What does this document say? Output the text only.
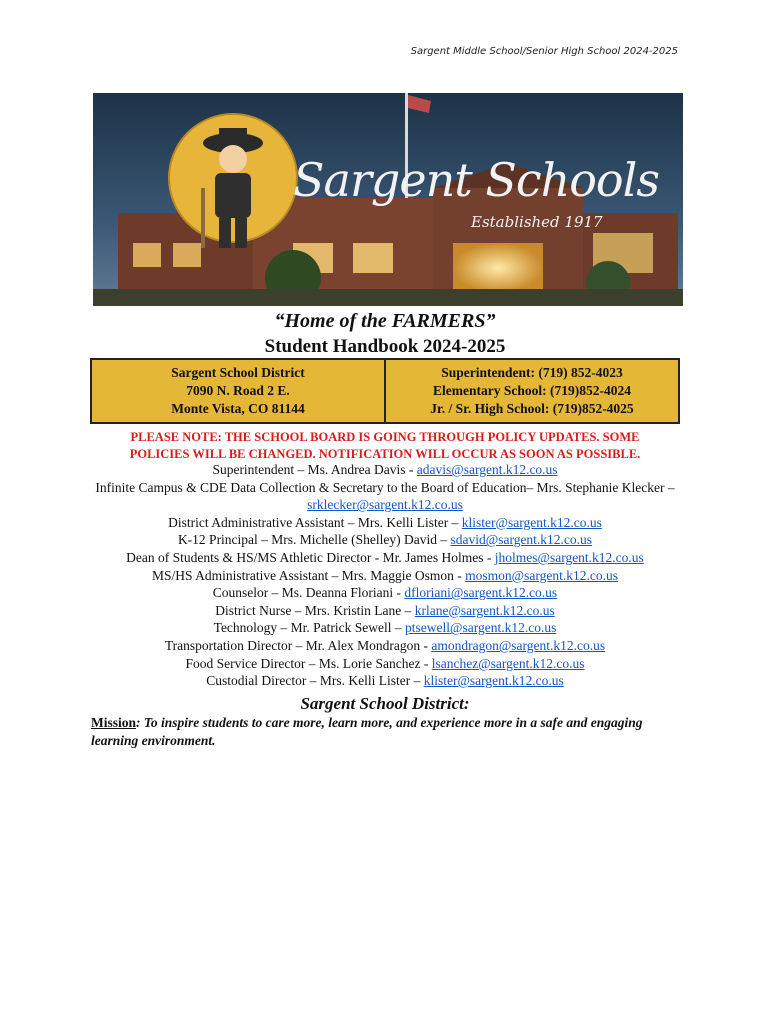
Sargent Middle School/Senior High School 2024-2025
Sargent Schools
Established 1917
“Home of the FARMERS”
Student Handbook 2024-2025
Sargent School District
7090 N. Road 2 E.
Monte Vista, CO 81144
Superintendent: (719) 852-4023
Elementary School: (719)852-4024
Jr. / Sr. High School: (719)852-4025
PLEASE NOTE: THE SCHOOL BOARD IS GOING THROUGH POLICY UPDATES. SOME
POLICIES WILL BE CHANGED. NOTIFICATION WILL OCCUR AS SOON AS POSSIBLE.
Superintendent – Ms. Andrea Davis - adavis@sargent.k12.co.us
Infinite Campus & CDE Data Collection & Secretary to the Board of Education– Mrs. Stephanie Klecker – srklecker@sargent.k12.co.us
District Administrative Assistant – Mrs. Kelli Lister – klister@sargent.k12.co.us
K-12 Principal – Mrs. Michelle (Shelley) David – sdavid@sargent.k12.co.us
Dean of Students & HS/MS Athletic Director - Mr. James Holmes - jholmes@sargent.k12.co.us
MS/HS Administrative Assistant – Mrs. Maggie Osmon - mosmon@sargent.k12.co.us
Counselor – Ms. Deanna Floriani - dfloriani@sargent.k12.co.us
District Nurse – Mrs. Kristin Lane – krlane@sargent.k12.co.us
Technology – Mr. Patrick Sewell – ptsewell@sargent.k12.co.us
Transportation Director – Mr. Alex Mondragon - amondragon@sargent.k12.co.us
Food Service Director – Ms. Lorie Sanchez - lsanchez@sargent.k12.co.us
Custodial Director – Mrs. Kelli Lister – klister@sargent.k12.co.us
Sargent School District:
Mission: To inspire students to care more, learn more, and experience more in a safe and engaging learning environment.
